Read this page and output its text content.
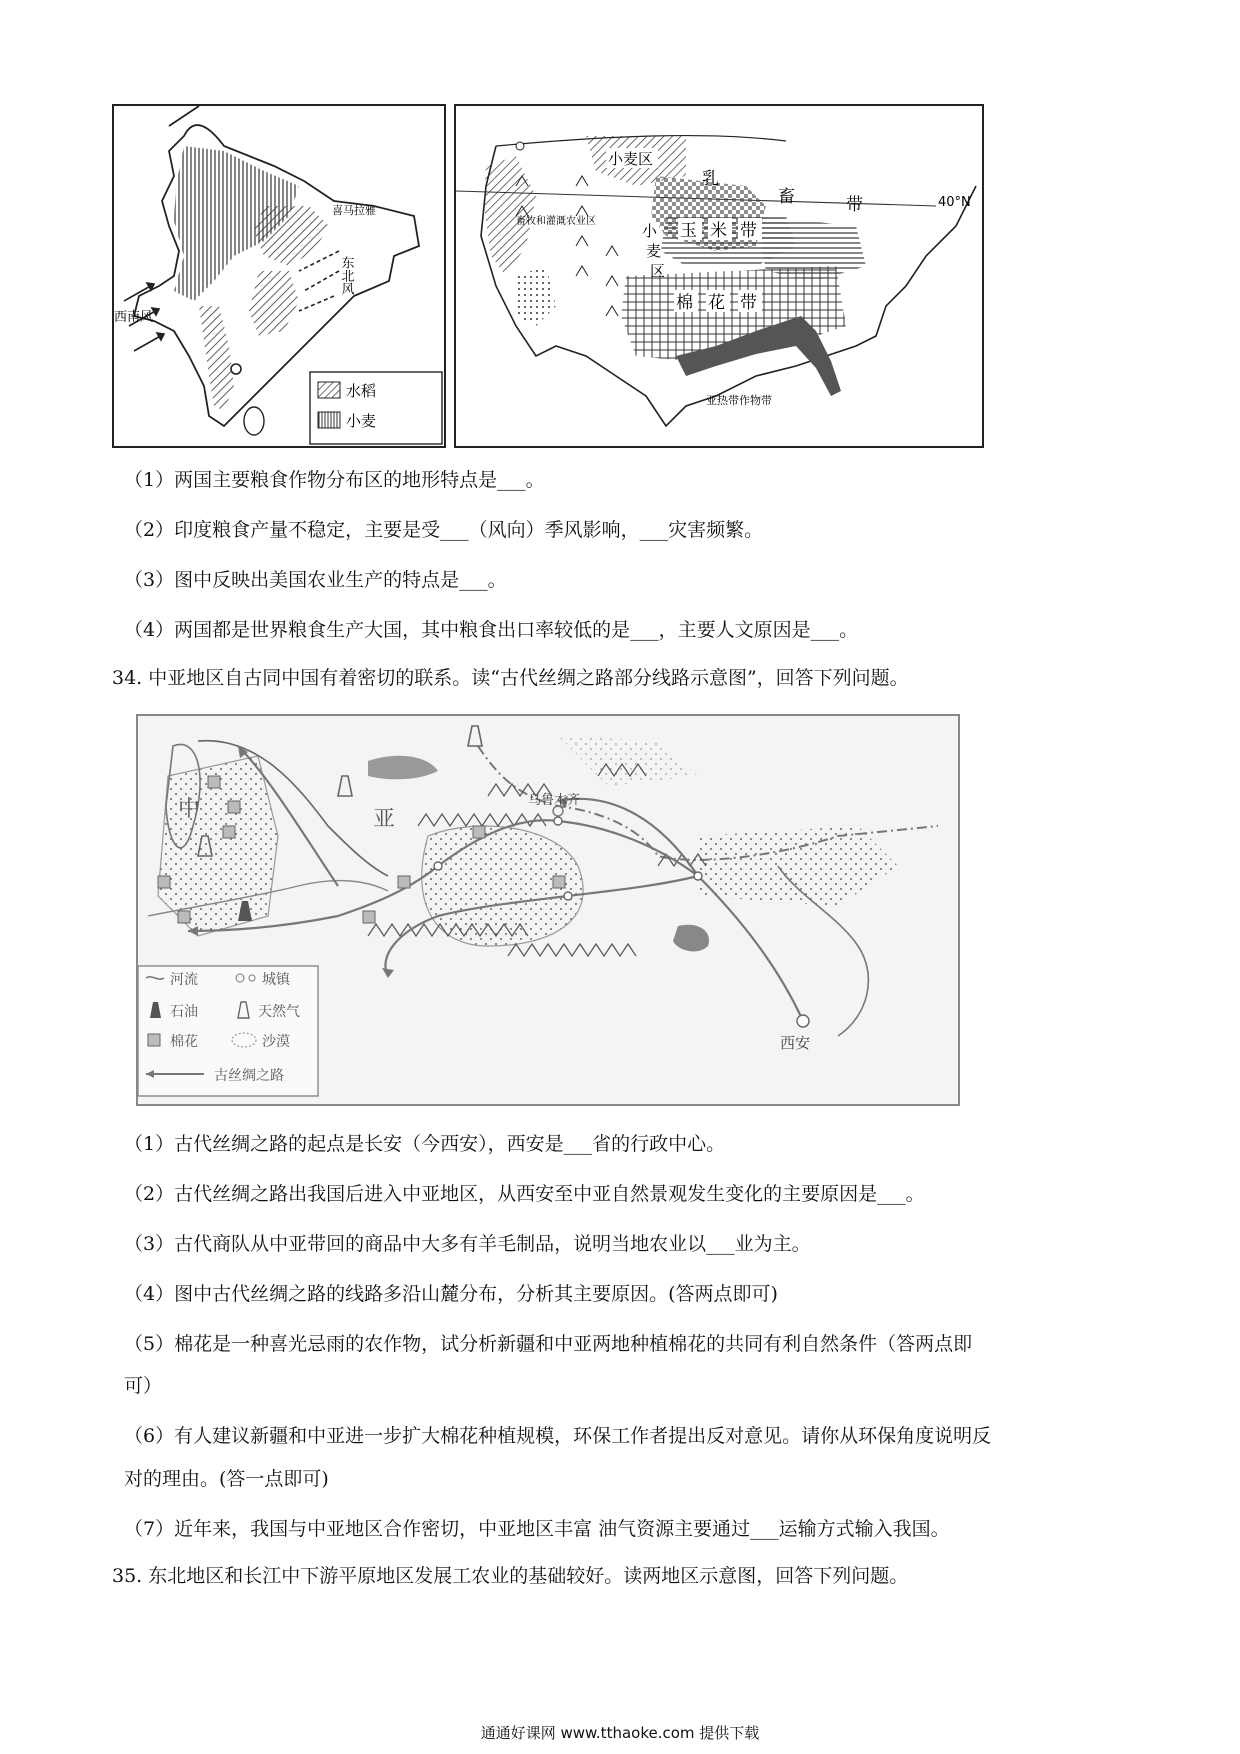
西南风
东北风
喜马拉雅
水稻
小麦
40°N
小麦区
乳
畜	带
畜牧和灌溉农业区	玉 米 带
小
麦
区
棉 花 带
亚热带作物带
（1）两国主要粮食作物分布区的地形特点是___。
（2）印度粮食产量不稳定，主要是受___（风向）季风影响，___灾害频繁。
（3）图中反映出美国农业生产的特点是___。
（4）两国都是世界粮食生产大国，其中粮食出口率较低的是___，主要人文原因是___。
34. 中亚地区自古同中国有着密切的联系。读“古代丝绸之路部分线路示意图”，回答下列问题。
中	亚
乌鲁木齐
西安
河流	城镇
石油	天然气
棉花	沙漠
古丝绸之路
（1）古代丝绸之路的起点是长安（今西安），西安是___省的行政中心。
（2）古代丝绸之路出我国后进入中亚地区，从西安至中亚自然景观发生变化的主要原因是___。
（3）古代商队从中亚带回的商品中大多有羊毛制品，说明当地农业以___业为主。
（4）图中古代丝绸之路的线路多沿山麓分布，分析其主要原因。(答两点即可)
（5）棉花是一种喜光忌雨的农作物，试分析新疆和中亚两地种植棉花的共同有利自然条件（答两点即
可）
（6）有人建议新疆和中亚进一步扩大棉花种植规模，环保工作者提出反对意见。请你从环保角度说明反
对的理由。(答一点即可)
（7）近年来，我国与中亚地区合作密切，中亚地区丰富 油气资源主要通过___运输方式输入我国。
35. 东北地区和长江中下游平原地区发展工农业的基础较好。读两地区示意图，回答下列问题。
通通好课网 www.tthaoke.com 提供下载
